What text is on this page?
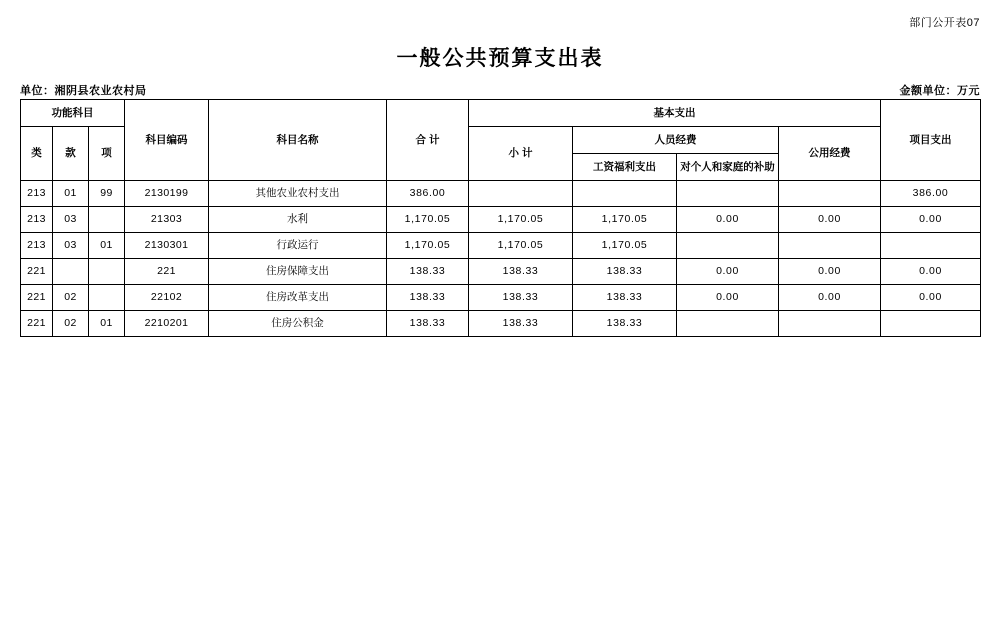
部门公开表07
一般公共预算支出表
单位：湘阴县农业农村局	金额单位：万元
功能科目			科目编码	科目名称	合 计	基本支出				项目支出
类	款	项				小 计	人员经费		公用经费	
							工资福利支出	对个人和家庭的补助		
213	01	99	2130199	其他农业农村支出	386.00					386.00
213	03		21303	水利	1,170.05	1,170.05	1,170.05	0.00	0.00	0.00
213	03	01	2130301	行政运行	1,170.05	1,170.05	1,170.05			
221			221	住房保障支出	138.33	138.33	138.33	0.00	0.00	0.00
221	02		22102	住房改革支出	138.33	138.33	138.33	0.00	0.00	0.00
221	02	01	2210201	住房公积金	138.33	138.33	138.33			
